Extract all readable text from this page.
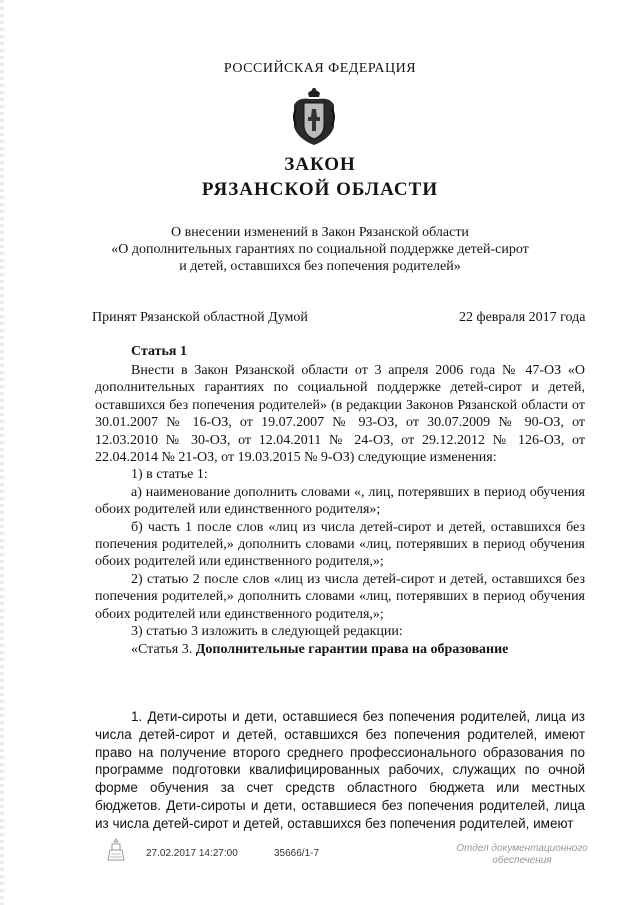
РОССИЙСКАЯ ФЕДЕРАЦИЯ
ЗАКОН
РЯЗАНСКОЙ ОБЛАСТИ
О внесении изменений в Закон Рязанской области
«О дополнительных гарантиях по социальной поддержке детей-сирот
и детей, оставшихся без попечения родителей»
Принят Рязанской областной Думой	22 февраля 2017 года
Статья 1

Внести в Закон Рязанской области от 3 апреля 2006 года № 47-ОЗ «О дополнительных гарантиях по социальной поддержке детей-сирот и детей, оставшихся без попечения родителей» (в редакции Законов Рязанской области от 30.01.2007 № 16-ОЗ, от 19.07.2007 № 93-ОЗ, от 30.07.2009 № 90-ОЗ, от 12.03.2010 № 30-ОЗ, от 12.04.2011 № 24-ОЗ, от 29.12.2012 № 126-ОЗ, от 22.04.2014 № 21-ОЗ, от 19.03.2015 № 9-ОЗ) следующие изменения:

1) в статье 1:

а) наименование дополнить словами «, лиц, потерявших в период обучения обоих родителей или единственного родителя»;

б) часть 1 после слов «лиц из числа детей-сирот и детей, оставшихся без попечения родителей,» дополнить словами «лиц, потерявших в период обучения обоих родителей или единственного родителя,»;

2) статью 2 после слов «лиц из числа детей-сирот и детей, оставшихся без попечения родителей,» дополнить словами «лиц, потерявших в период обучения обоих родителей или единственного родителя,»;

3) статью 3 изложить в следующей редакции:

«Статья 3. Дополнительные гарантии права на образование

1. Дети-сироты и дети, оставшиеся без попечения родителей, лица из числа детей-сирот и детей, оставшихся без попечения родителей, имеют право на получение второго среднего профессионального образования по программе подготовки квалифицированных рабочих, служащих по очной форме обучения за счет средств областного бюджета или местных бюджетов. Дети-сироты и дети, оставшиеся без попечения родителей, лица из числа детей-сирот и детей, оставшихся без попечения родителей, имеют

27.02.2017 14:27:00	35666/1-7	Отдел документационного
обеспечения
